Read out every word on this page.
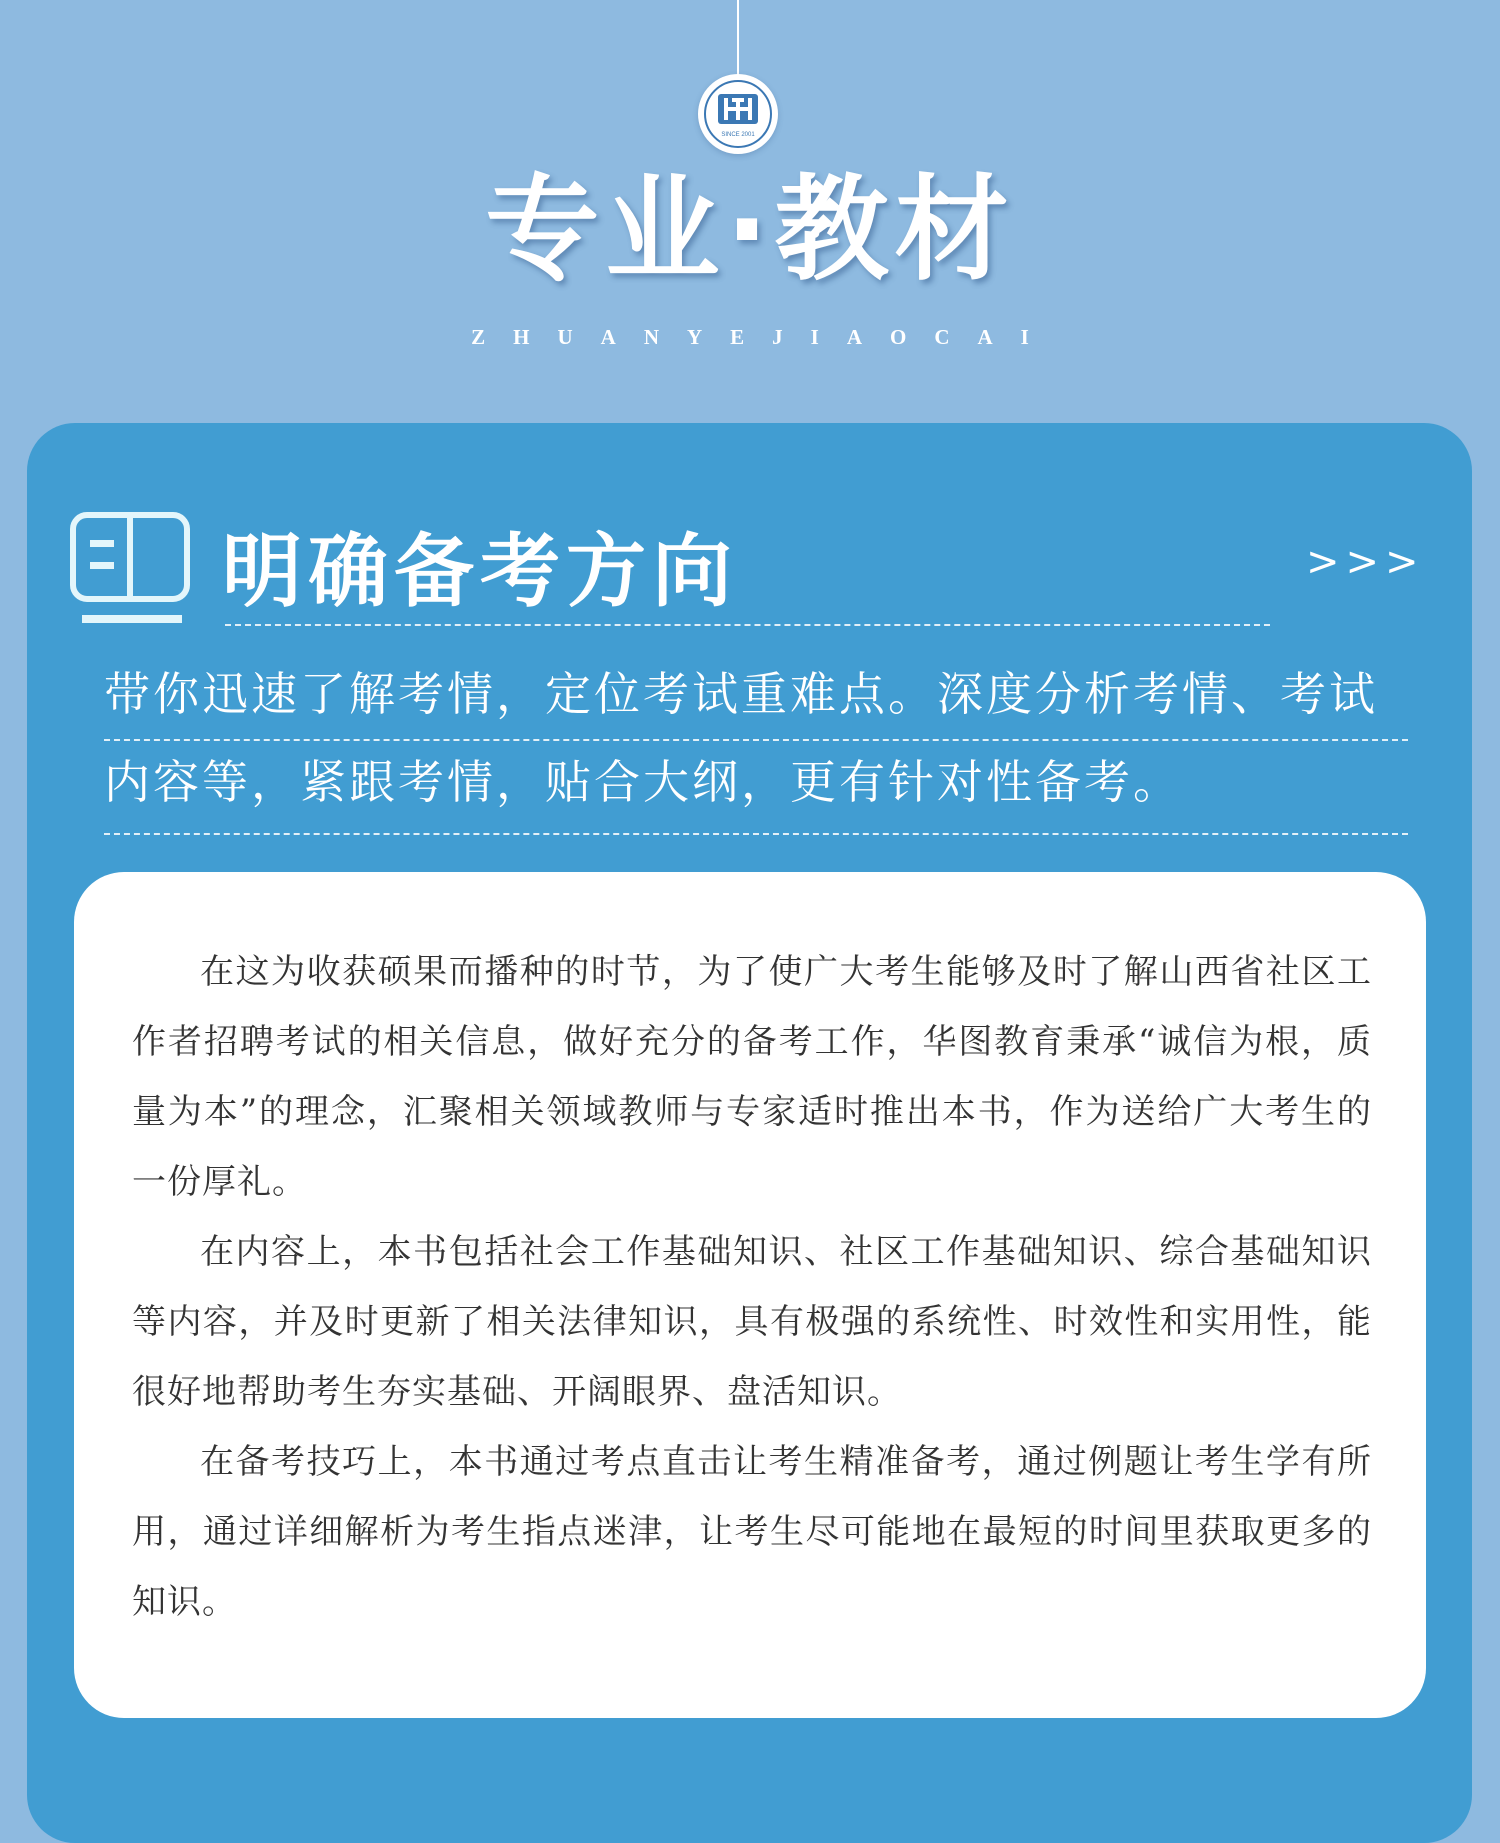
SINCE 2001
专业·教材
ZHUANYEJIAOCAI
明确备考方向	>>>
带你迅速了解考情，定位考试重难点。深度分析考情、考试
内容等，紧跟考情，贴合大纲，更有针对性备考。

在这为收获硕果而播种的时节，为了使广大考生能够及时了解山西省社区工作者招聘考试的相关信息，做好充分的备考工作，华图教育秉承“诚信为根，质量为本”的理念，汇聚相关领域教师与专家适时推出本书，作为送给广大考生的一份厚礼。

在内容上，本书包括社会工作基础知识、社区工作基础知识、综合基础知识等内容，并及时更新了相关法律知识，具有极强的系统性、时效性和实用性，能很好地帮助考生夯实基础、开阔眼界、盘活知识。

在备考技巧上，本书通过考点直击让考生精准备考，通过例题让考生学有所用，通过详细解析为考生指点迷津，让考生尽可能地在最短的时间里获取更多的知识。
